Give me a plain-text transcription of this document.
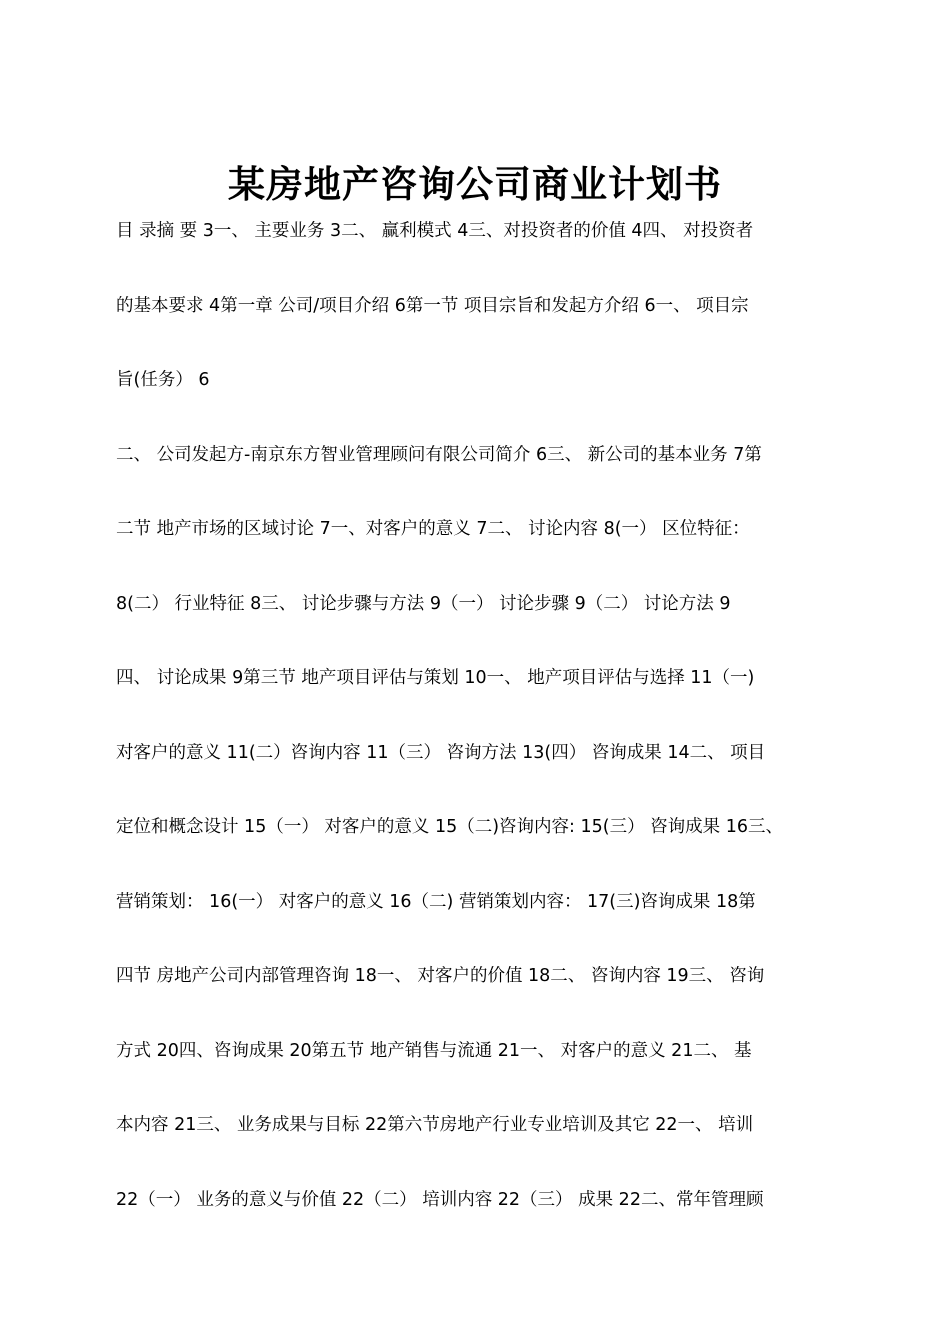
某房地产咨询公司商业计划书
目 录摘 要 3一、 主要业务 3二、 赢利模式 4三、对投资者的价值 4四、 对投资者
的基本要求 4第一章 公司/项目介绍 6第一节 项目宗旨和发起方介绍 6一、 项目宗
旨(任务） 6
二、 公司发起方-南京东方智业管理顾问有限公司简介 6三、 新公司的基本业务 7第
二节 地产市场的区域讨论 7一、对客户的意义 7二、 讨论内容 8(一） 区位特征：
8(二） 行业特征 8三、 讨论步骤与方法 9（一） 讨论步骤 9（二） 讨论方法 9
四、 讨论成果 9第三节 地产项目评估与策划 10一、 地产项目评估与选择 11（一)
对客户的意义 11(二）咨询内容 11（三） 咨询方法 13(四） 咨询成果 14二、 项目
定位和概念设计 15（一） 对客户的意义 15（二)咨询内容: 15(三） 咨询成果 16三、
营销策划： 16(一） 对客户的意义 16（二) 营销策划内容： 17(三)咨询成果 18第
四节 房地产公司内部管理咨询 18一、 对客户的价值 18二、 咨询内容 19三、 咨询
方式 20四、咨询成果 20第五节 地产销售与流通 21一、 对客户的意义 21二、 基
本内容 21三、 业务成果与目标 22第六节房地产行业专业培训及其它 22一、 培训
22（一） 业务的意义与价值 22（二） 培训内容 22（三） 成果 22二、常年管理顾
